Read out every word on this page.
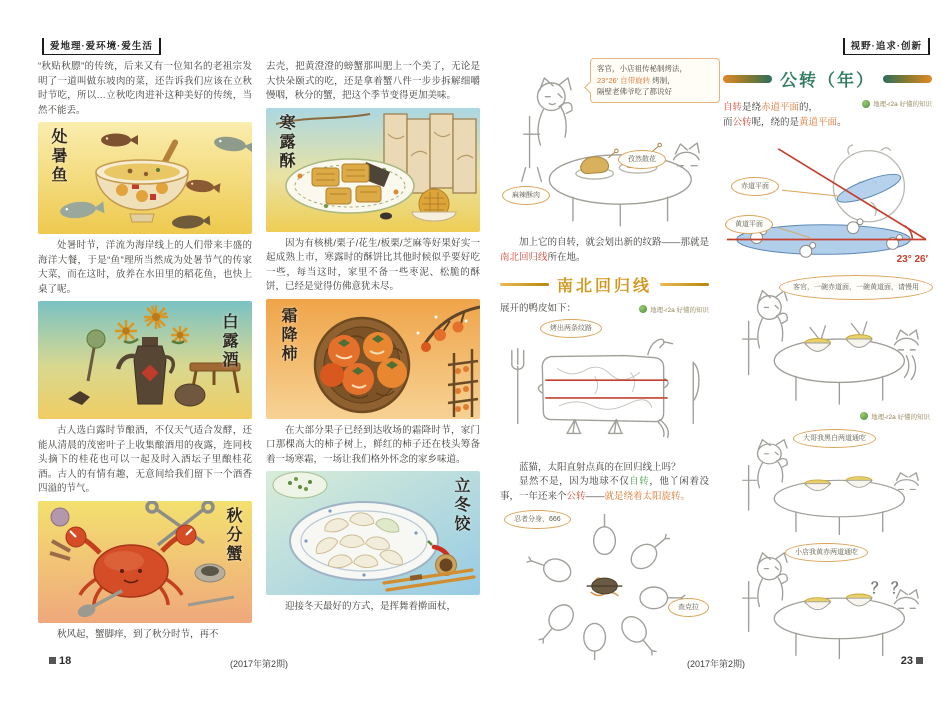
爱地理·爱环境·爱生活

“秋贴秋膘”的传统，后来又有一位知名的老祖宗发明了一道叫做东坡肉的菜，还告诉我们应该在立秋时节吃，所以…立秋吃肉进补这种美好的传统，当然不能丢。

处暑鱼

处暑时节，洋流为海岸线上的人们带来丰盛的海洋大餐，于是“鱼”理所当然成为处暑节气的传家大菜，而在这时，放养在水田里的稻花鱼，也快上桌了呢。

白露酒

古人选白露时节酿酒，不仅天气适合发酵，还能从清晨的茂密叶子上收集酿酒用的夜露，连同枝头摘下的桂花也可以一起及时入酒坛子里酿桂花酒。古人的有情有趣，无意间给我们留下一个酒香四溢的节气。

秋分蟹

秋风起，蟹脚痒，到了秋分时节，再不

去壳，把黄澄澄的螃蟹那叫肥上一个美了，无论是大快朵颐式的吃，还是拿着蟹八件一步步拆解细嚼慢咽，秋分的蟹，把这个季节变得更加美味。

寒露酥

因为有核桃/栗子/花生/板栗/芝麻等好果好实一起成熟上市，寒露时的酥饼比其他时候似乎要好吃一些，每当这时，家里不备一些枣泥、松脆的酥饼，已经是觉得仿佛意犹未尽。

霜降柿

在大部分果子已经到达收场的霜降时节，家门口那棵高大的柿子树上，鲜红的柿子还在枝头筹备着一场寒霜，一场让我们格外怀念的家乡味道。

立冬饺

迎接冬天最好的方式，是挥舞着擀面杖，

18	(2017年第2期)
视野·追求·创新
客官，小店祖传秘制烤法，
23°26′ 自带旋转 烤制，
隔壁老佛爷吃了都说好
孜然散花
麻辣酥肉

加上它的自转，就会划出新的纹路——那就是南北回归线所在地。

南北回归线
展开的鸭皮如下：	地理-r2a 好懂的知识
烤出两条纹路

蓝猫，太阳直射点真的在回归线上吗？

显然不是，因为地球不仅自转，他丫闲着没事，一年还来个公转——就是绕着太阳旋转。

忍者分身，666
查克拉
公转（年）
地理-r2a 好懂的知识

自转是绕赤道平面的，
而公转呢，绕的是黄道平面。

赤道平面
黄道平面
23° 26′
客官，一碗赤道面，一碗黄道面，请慢用
地理-r2a 好懂的知识
大哥我黑白两道通吃
小店我黄赤两道通吃
？？
(2017年第2期)	23
